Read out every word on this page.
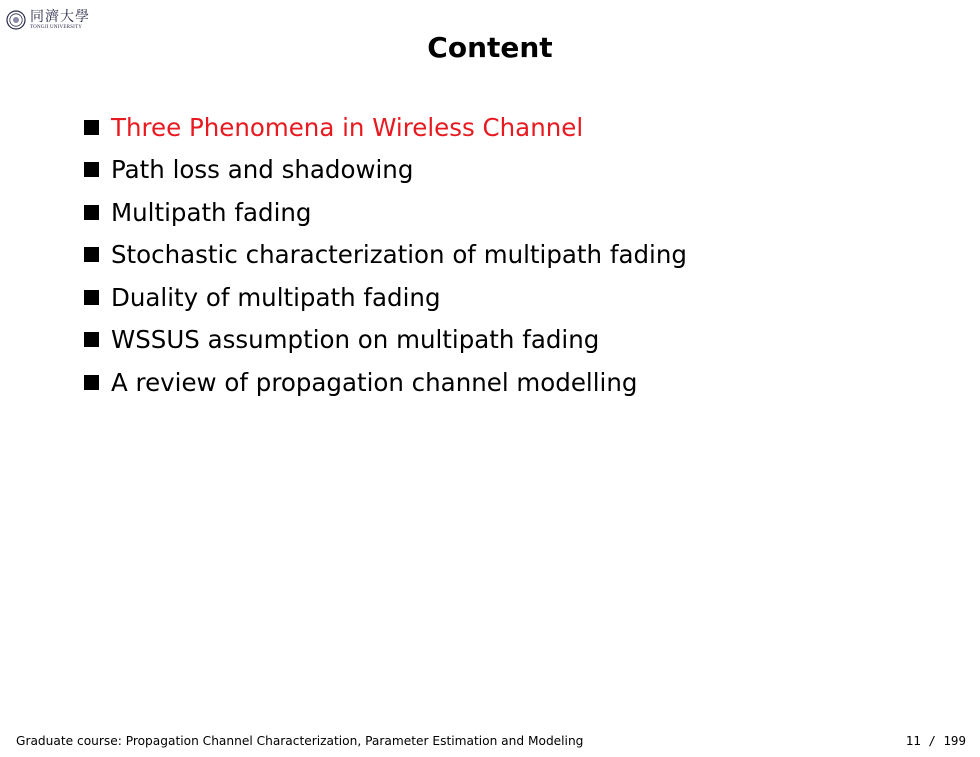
同濟大學
TONGJI UNIVERSITY
Content
Three Phenomena in Wireless Channel
Path loss and shadowing
Multipath fading
Stochastic characterization of multipath fading
Duality of multipath fading
WSSUS assumption on multipath fading
A review of propagation channel modelling
Graduate course: Propagation Channel Characterization, Parameter Estimation and Modeling	11 / 199
